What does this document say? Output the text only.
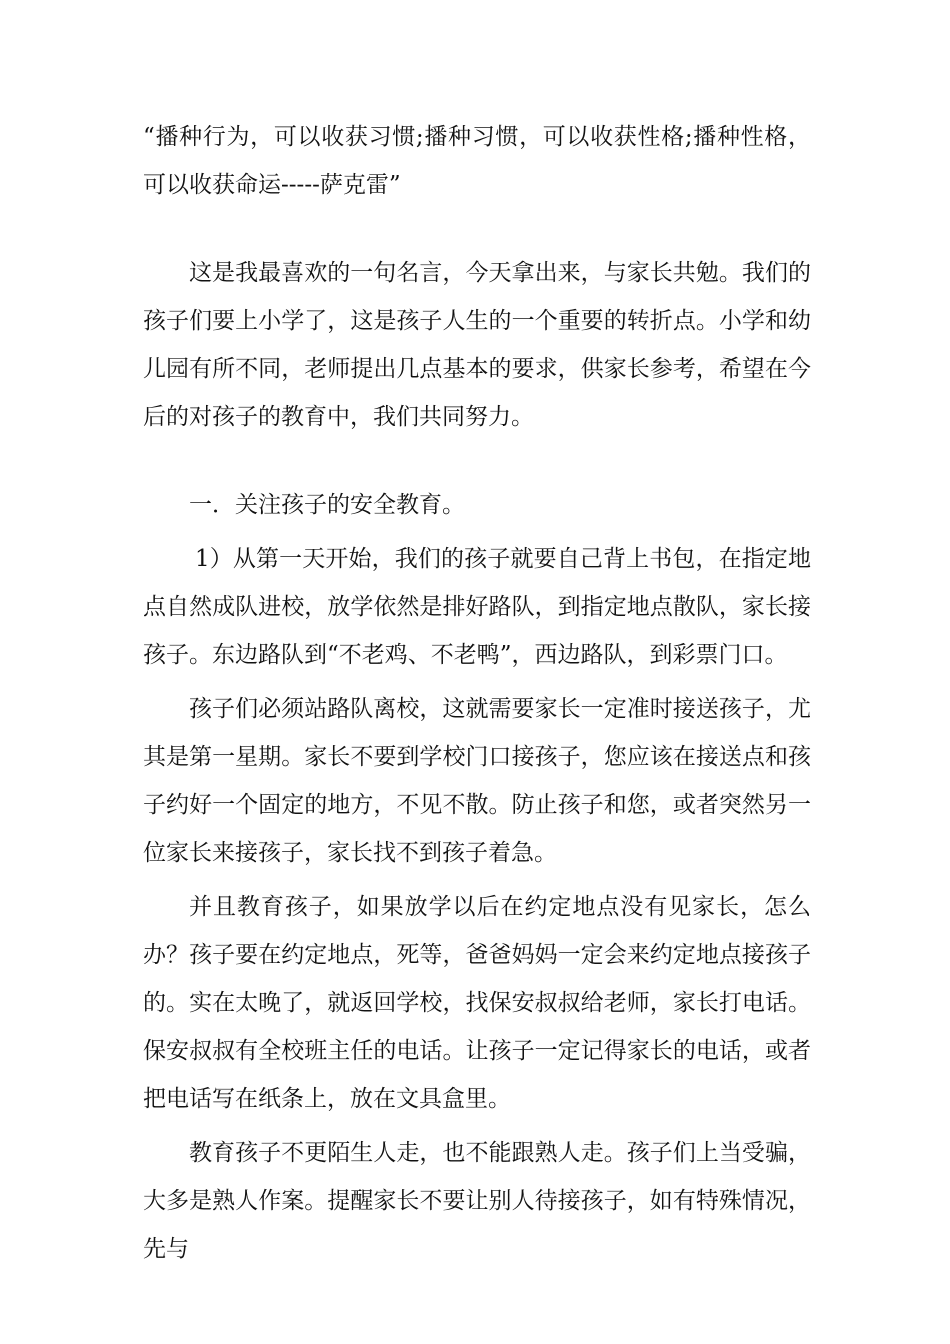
“播种行为，可以收获习惯;播种习惯，可以收获性格;播种性格，可以收获命运-----萨克雷”

这是我最喜欢的一句名言，今天拿出来，与家长共勉。我们的孩子们要上小学了，这是孩子人生的一个重要的转折点。小学和幼儿园有所不同，老师提出几点基本的要求，供家长参考，希望在今后的对孩子的教育中，我们共同努力。

一．关注孩子的安全教育。

1）从第一天开始，我们的孩子就要自己背上书包，在指定地点自然成队进校，放学依然是排好路队，到指定地点散队，家长接孩子。东边路队到“不老鸡、不老鸭”，西边路队，到彩票门口。

孩子们必须站路队离校，这就需要家长一定准时接送孩子，尤其是第一星期。家长不要到学校门口接孩子，您应该在接送点和孩子约好一个固定的地方，不见不散。防止孩子和您，或者突然另一位家长来接孩子，家长找不到孩子着急。

并且教育孩子，如果放学以后在约定地点没有见家长，怎么办？孩子要在约定地点，死等，爸爸妈妈一定会来约定地点接孩子的。实在太晚了，就返回学校，找保安叔叔给老师，家长打电话。保安叔叔有全校班主任的电话。让孩子一定记得家长的电话，或者把电话写在纸条上，放在文具盒里。

教育孩子不更陌生人走，也不能跟熟人走。孩子们上当受骗，大多是熟人作案。提醒家长不要让别人待接孩子，如有特殊情况，先与
